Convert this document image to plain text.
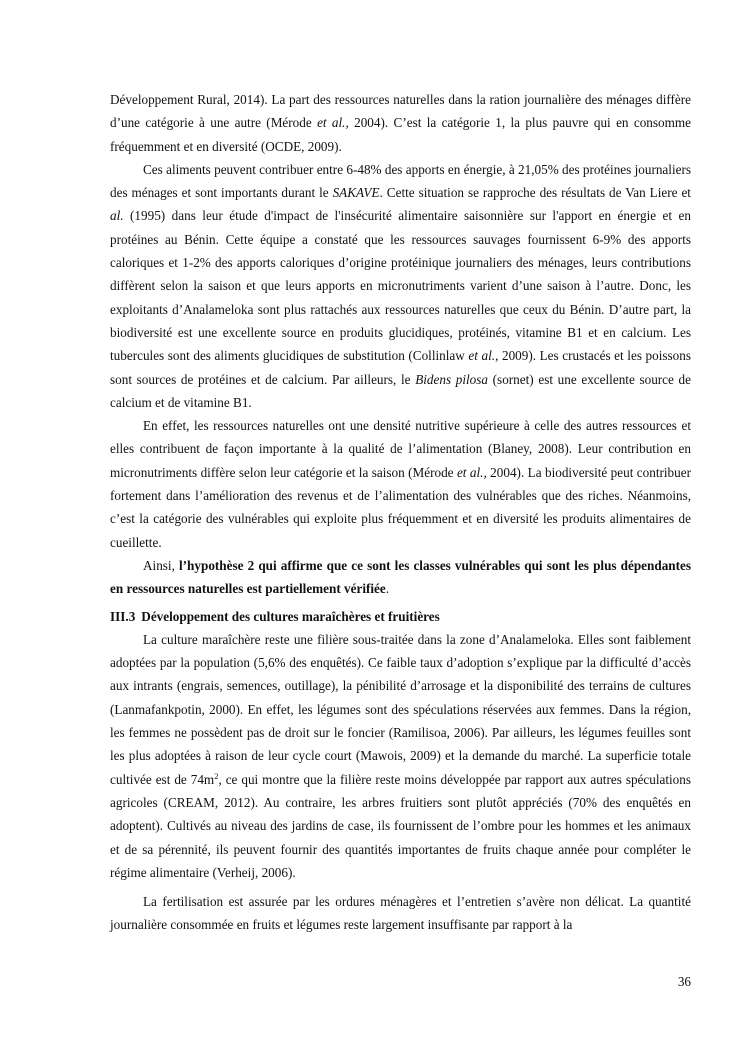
Développement Rural, 2014). La part des ressources naturelles dans la ration journalière des ménages diffère d’une catégorie à une autre (Mérode et al., 2004). C’est la catégorie 1, la plus pauvre qui en consomme fréquemment et en diversité (OCDE, 2009).

Ces aliments peuvent contribuer entre 6-48% des apports en énergie, à 21,05% des protéines journaliers des ménages et sont importants durant le SAKAVE. Cette situation se rapproche des résultats de Van Liere et al. (1995) dans leur étude d'impact de l'insécurité alimentaire saisonnière sur l'apport en énergie et en protéines au Bénin. Cette équipe a constaté que les ressources sauvages fournissent 6-9% des apports caloriques et 1-2% des apports caloriques d’origine protéinique journaliers des ménages, leurs contributions diffèrent selon la saison et que leurs apports en micronutriments varient d’une saison à l’autre. Donc, les exploitants d’Analameloka sont plus rattachés aux ressources naturelles que ceux du Bénin. D’autre part, la biodiversité est une excellente source en produits glucidiques, protéinés, vitamine B1 et en calcium. Les tubercules sont des aliments glucidiques de substitution (Collinlaw et al., 2009). Les crustacés et les poissons sont sources de protéines et de calcium. Par ailleurs, le Bidens pilosa (sornet) est une excellente source de calcium et de vitamine B1.

En effet, les ressources naturelles ont une densité nutritive supérieure à celle des autres ressources et elles contribuent de façon importante à la qualité de l’alimentation (Blaney, 2008). Leur contribution en micronutriments diffère selon leur catégorie et la saison (Mérode et al., 2004). La biodiversité peut contribuer fortement dans l’amélioration des revenus et de l’alimentation des vulnérables que des riches. Néanmoins, c’est la catégorie des vulnérables qui exploite plus fréquemment et en diversité les produits alimentaires de cueillette.

Ainsi, l’hypothèse 2 qui affirme que ce sont les classes vulnérables qui sont les plus dépendantes en ressources naturelles est partiellement vérifiée.

III.3 Développement des cultures maraîchères et fruitières

La culture maraîchère reste une filière sous-traitée dans la zone d’Analameloka. Elles sont faiblement adoptées par la population (5,6% des enquêtés). Ce faible taux d’adoption s’explique par la difficulté d’accès aux intrants (engrais, semences, outillage), la pénibilité d’arrosage et la disponibilité des terrains de cultures (Lanmafankpotin, 2000). En effet, les légumes sont des spéculations réservées aux femmes. Dans la région, les femmes ne possèdent pas de droit sur le foncier (Ramilisoa, 2006). Par ailleurs, les légumes feuilles sont les plus adoptées à raison de leur cycle court (Mawois, 2009) et la demande du marché. La superficie totale cultivée est de $74m^2$, ce qui montre que la filière reste moins développée par rapport aux autres spéculations agricoles (CREAM, 2012). Au contraire, les arbres fruitiers sont plutôt appréciés (70% des enquêtés en adoptent). Cultivés au niveau des jardins de case, ils fournissent de l’ombre pour les hommes et les animaux et de sa pérennité, ils peuvent fournir des quantités importantes de fruits chaque année pour compléter le régime alimentaire (Verheij, 2006).

La fertilisation est assurée par les ordures ménagères et l’entretien s’avère non délicat. La quantité journalière consommée en fruits et légumes reste largement insuffisante par rapport à la

36
